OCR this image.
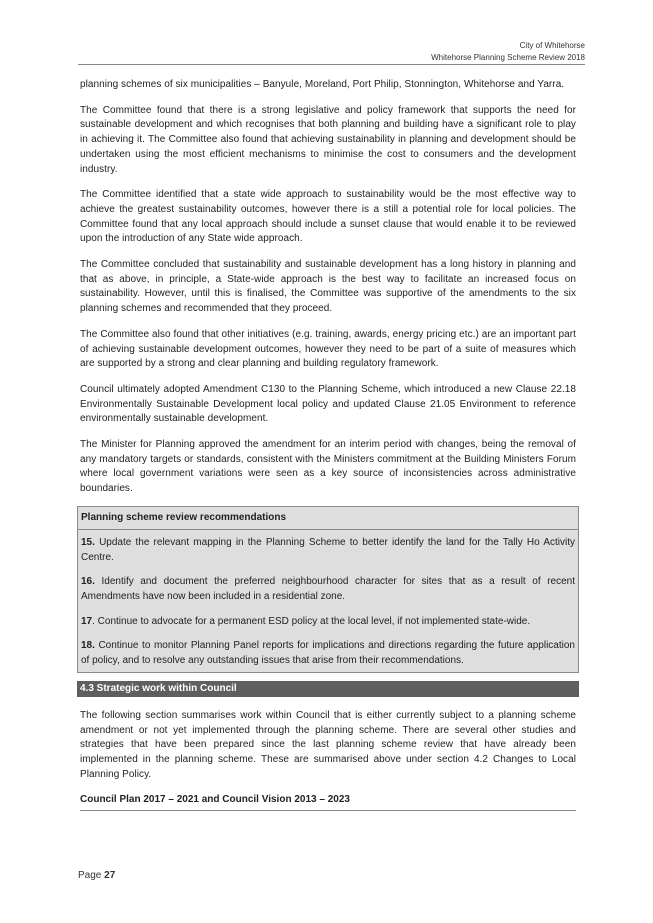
City of Whitehorse
Whitehorse Planning Scheme Review 2018

planning schemes of six municipalities – Banyule, Moreland, Port Philip, Stonnington, Whitehorse and Yarra.

The Committee found that there is a strong legislative and policy framework that supports the need for sustainable development and which recognises that both planning and building have a significant role to play in achieving it. The Committee also found that achieving sustainability in planning and development should be undertaken using the most efficient mechanisms to minimise the cost to consumers and the development industry.

The Committee identified that a state wide approach to sustainability would be the most effective way to achieve the greatest sustainability outcomes, however there is a still a potential role for local policies. The Committee found that any local approach should include a sunset clause that would enable it to be reviewed upon the introduction of any State wide approach.

The Committee concluded that sustainability and sustainable development has a long history in planning and that as above, in principle, a State-wide approach is the best way to facilitate an increased focus on sustainability. However, until this is finalised, the Committee was supportive of the amendments to the six planning schemes and recommended that they proceed.

The Committee also found that other initiatives (e.g. training, awards, energy pricing etc.) are an important part of achieving sustainable development outcomes, however they need to be part of a suite of measures which are supported by a strong and clear planning and building regulatory framework.

Council ultimately adopted Amendment C130 to the Planning Scheme, which introduced a new Clause 22.18 Environmentally Sustainable Development local policy and updated Clause 21.05 Environment to reference environmentally sustainable development.

The Minister for Planning approved the amendment for an interim period with changes, being the removal of any mandatory targets or standards, consistent with the Ministers commitment at the Building Ministers Forum where local government variations were seen as a key source of inconsistencies across administrative boundaries.

Planning scheme review recommendations

15. Update the relevant mapping in the Planning Scheme to better identify the land for the Tally Ho Activity Centre.

16. Identify and document the preferred neighbourhood character for sites that as a result of recent Amendments have now been included in a residential zone.

17. Continue to advocate for a permanent ESD policy at the local level, if not implemented state-wide.

18. Continue to monitor Planning Panel reports for implications and directions regarding the future application of policy, and to resolve any outstanding issues that arise from their recommendations.

4.3 Strategic work within Council

The following section summarises work within Council that is either currently subject to a planning scheme amendment or not yet implemented through the planning scheme. There are several other studies and strategies that have been prepared since the last planning scheme review that have already been implemented in the planning scheme. These are summarised above under section 4.2 Changes to Local Planning Policy.

Council Plan 2017 – 2021 and Council Vision 2013 – 2023
Page 27
